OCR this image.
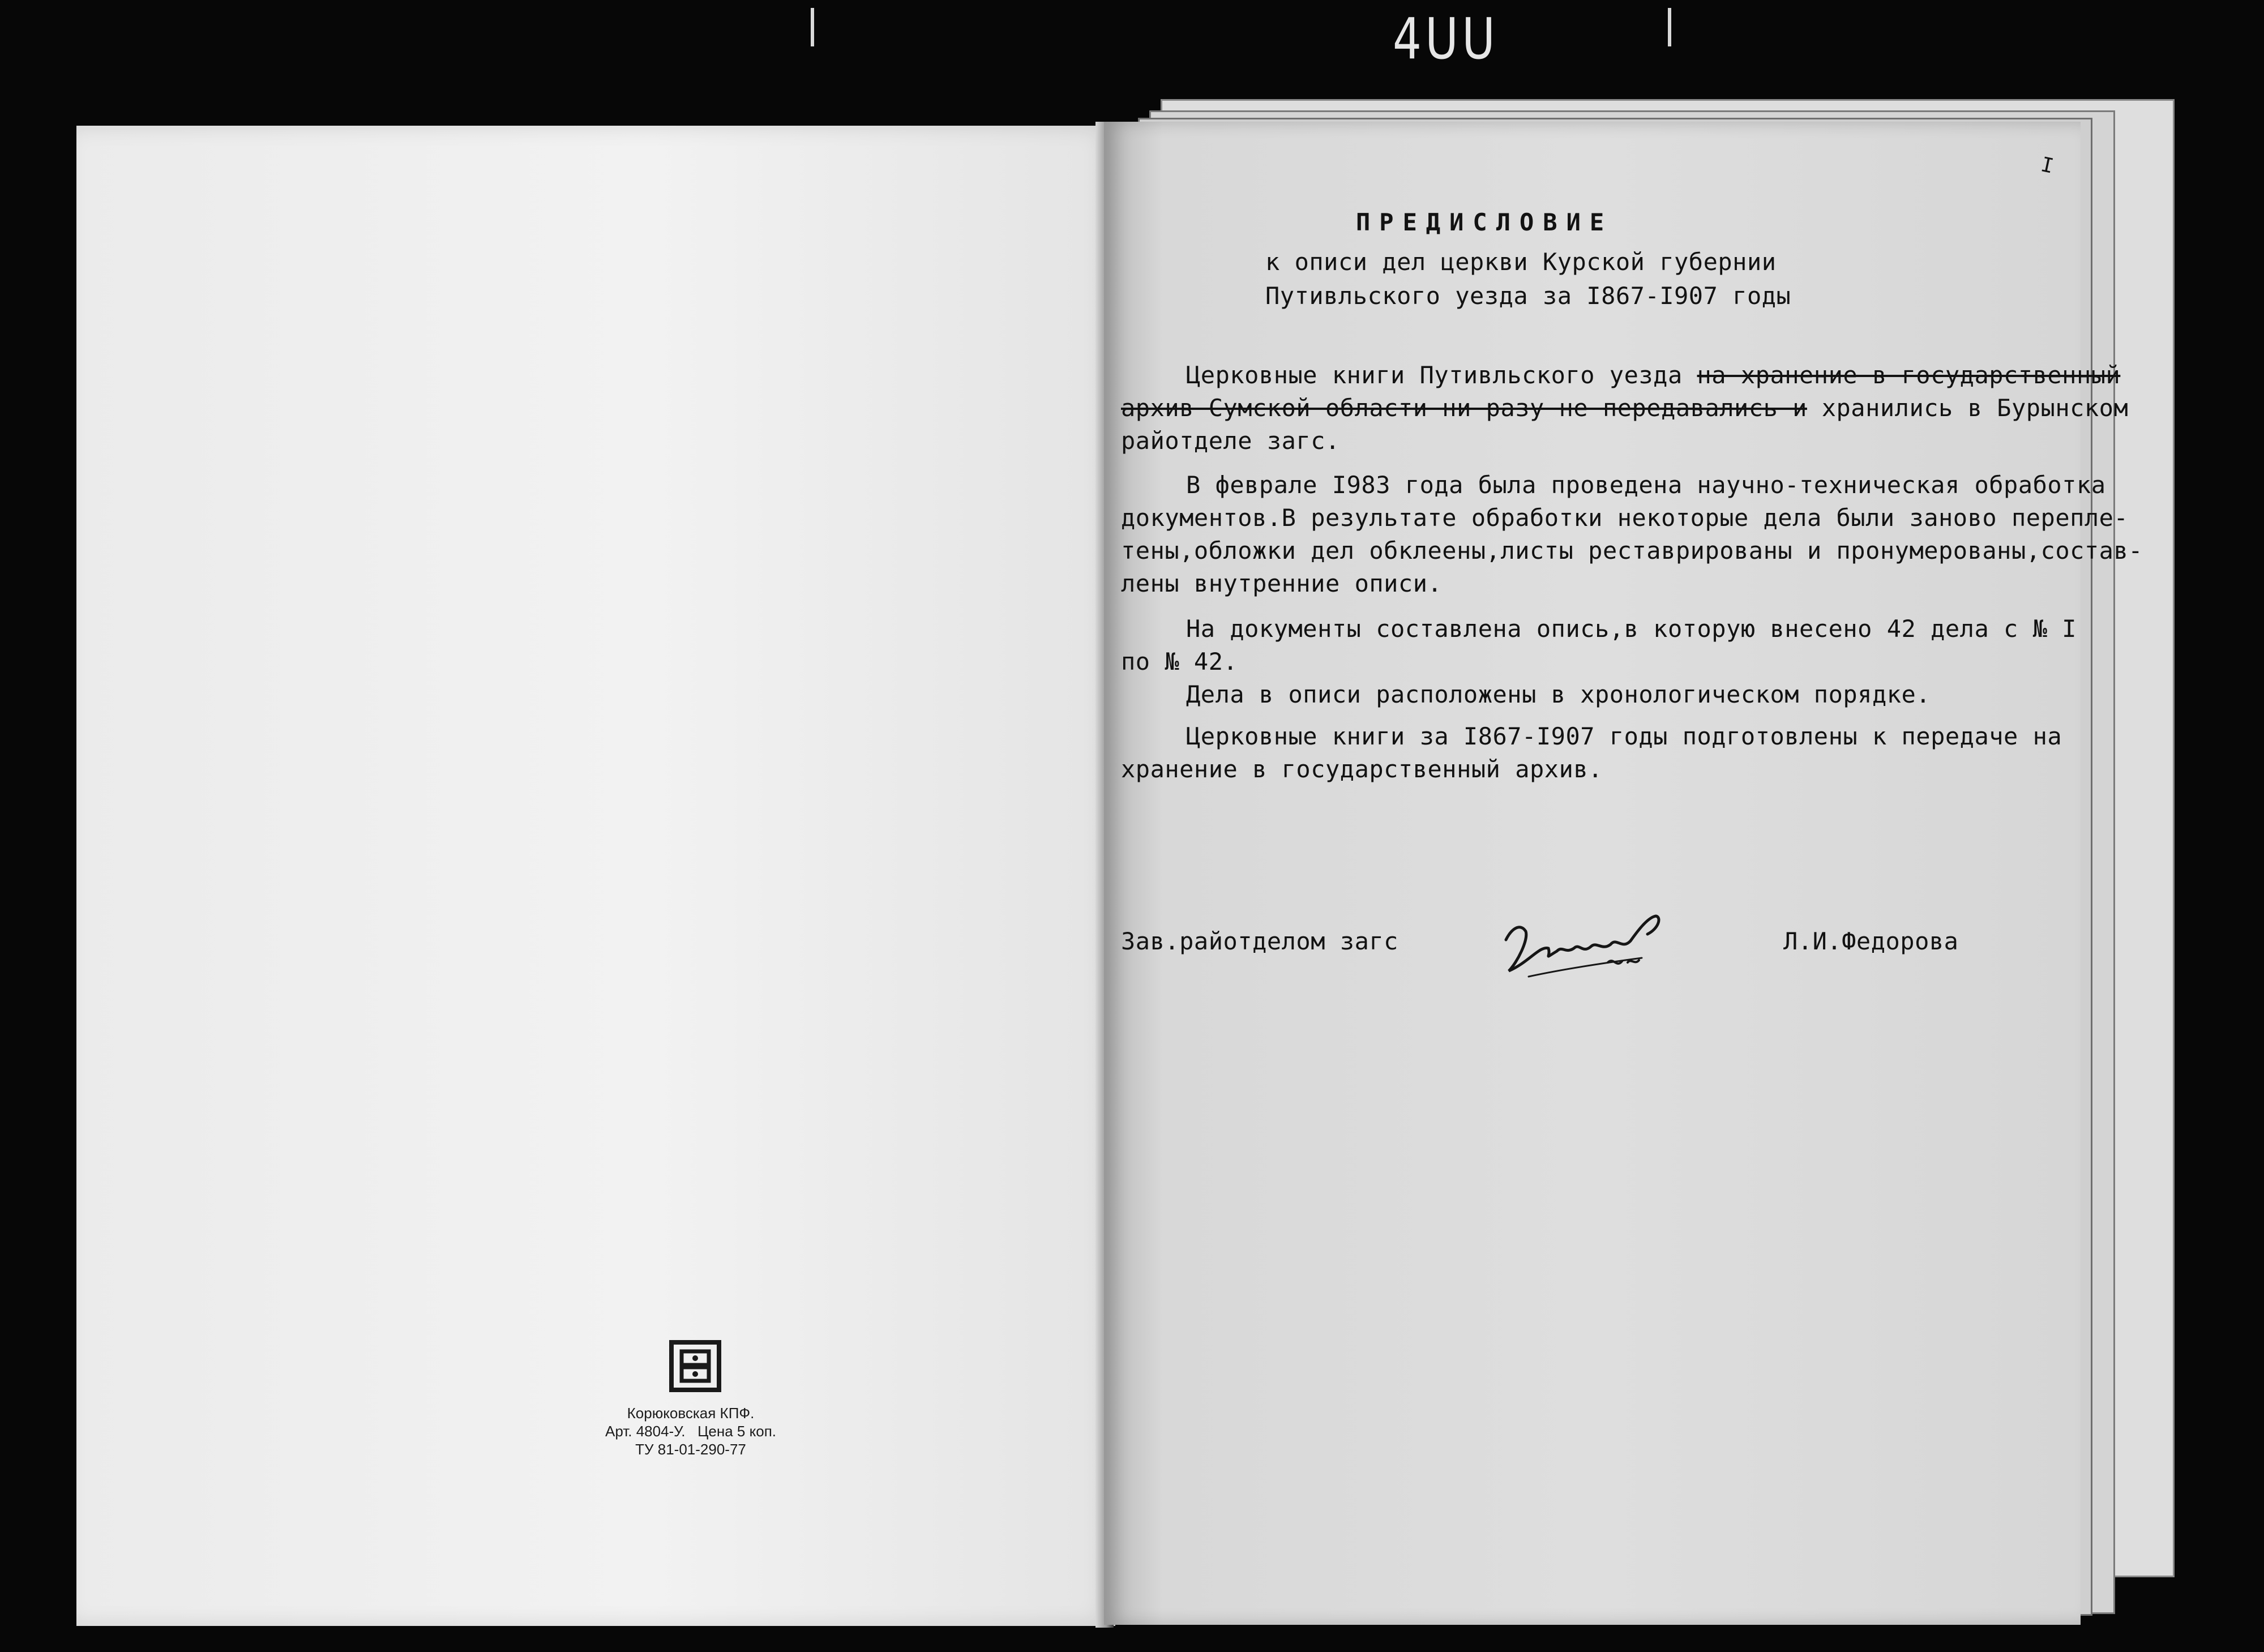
4UU
Корюковская КПФ.
Арт. 4804-У.   Цена 5 коп.
ТУ 81-01-290-77
I
ПРЕДИСЛОВИЕ
к описи дел церкви Курской губернии
Путивльского уезда за I867-I907 годы
Церковные книги Путивльского уезда на хранение в государственный
архив Сумской области ни разу не передавались и хранились в Бурынском
райотделе загс.
В феврале I983 года была проведена научно-техническая обработка
документов.В результате обработки некоторые дела были заново перепле-
тены,обложки дел обклеены,листы реставрированы и пронумерованы,состав-
лены внутренние описи.
На документы составлена опись,в которую внесено 42 дела с № I
по № 42.
Дела в описи расположены в хронологическом порядке.
Церковные книги за I867-I907 годы подготовлены к передаче на
хранение в государственный архив.
Зав.райотделом загс	Л.И.Федорова
